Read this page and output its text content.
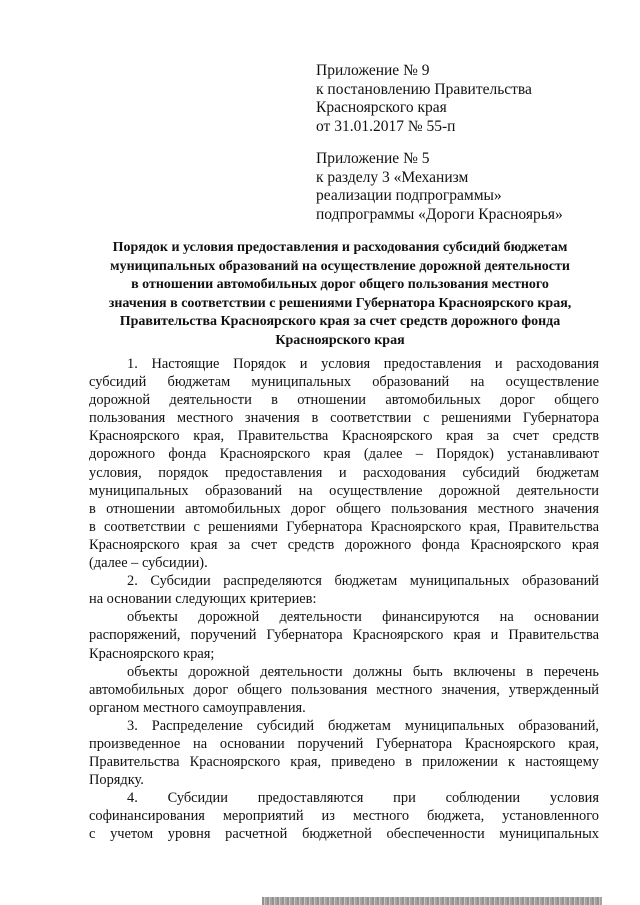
Приложение № 9
к постановлению Правительства
Красноярского края
от 31.01.2017 № 55-п
Приложение № 5
к разделу 3 «Механизм
реализации подпрограммы»
подпрограммы «Дороги Красноярья»
Порядок и условия предоставления и расходования субсидий бюджетам
муниципальных образований на осуществление дорожной деятельности
в отношении автомобильных дорог общего пользования местного
значения в соответствии с решениями Губернатора Красноярского края,
Правительства Красноярского края за счет средств дорожного фонда
Красноярского края
1. Настоящие Порядок и условия предоставления и расходования
субсидий бюджетам муниципальных образований на осуществление
дорожной деятельности в отношении автомобильных дорог общего
пользования местного значения в соответствии с решениями Губернатора
Красноярского края, Правительства Красноярского края за счет средств
дорожного фонда Красноярского края (далее – Порядок) устанавливают
условия, порядок предоставления и расходования субсидий бюджетам
муниципальных образований на осуществление дорожной деятельности
в отношении автомобильных дорог общего пользования местного значения
в соответствии с решениями Губернатора Красноярского края, Правительства
Красноярского края за счет средств дорожного фонда Красноярского края
(далее – субсидии).
2. Субсидии распределяются бюджетам муниципальных образований
на основании следующих критериев:
объекты дорожной деятельности финансируются на основании
распоряжений, поручений Губернатора Красноярского края и Правительства
Красноярского края;
объекты дорожной деятельности должны быть включены в перечень
автомобильных дорог общего пользования местного значения, утвержденный
органом местного самоуправления.
3. Распределение субсидий бюджетам муниципальных образований,
произведенное на основании поручений Губернатора Красноярского края,
Правительства Красноярского края, приведено в приложении к настоящему
Порядку.
4. Субсидии предоставляются при соблюдении условия
софинансирования мероприятий из местного бюджета, установленного
с учетом уровня расчетной бюджетной обеспеченности муниципальных
